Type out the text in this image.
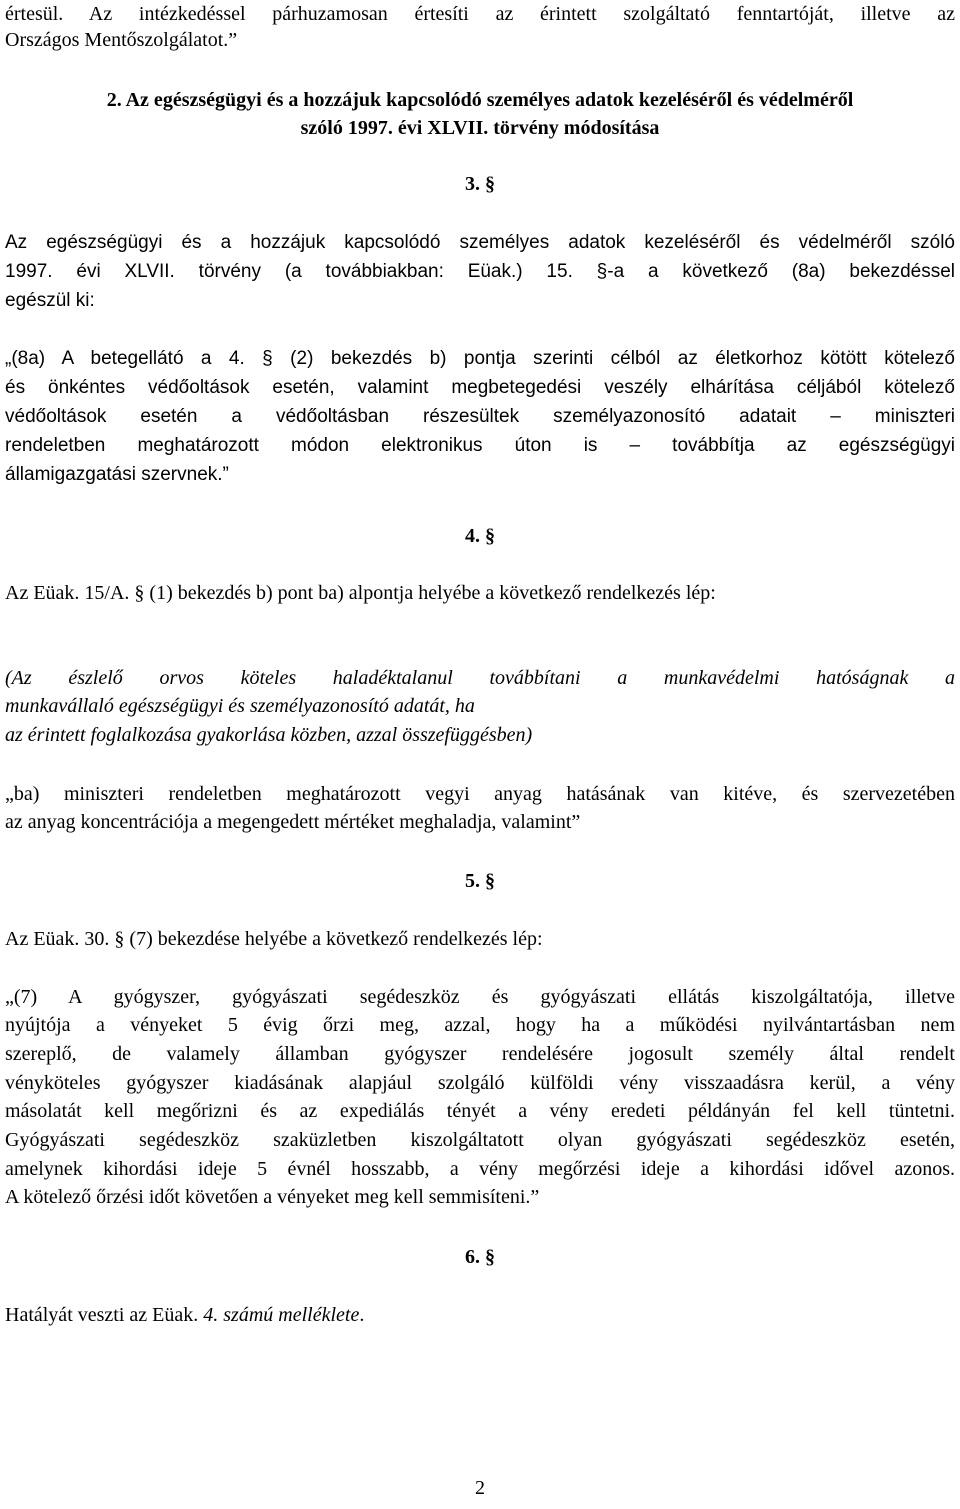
értesül. Az intézkedéssel párhuzamosan értesíti az érintett szolgáltató fenntartóját, illetve az
Országos Mentőszolgálatot.”
2. Az egészségügyi és a hozzájuk kapcsolódó személyes adatok kezeléséről és védelméről
szóló 1997. évi XLVII. törvény módosítása
3. §
Az egészségügyi és a hozzájuk kapcsolódó személyes adatok kezeléséről és védelméről szóló
1997. évi XLVII. törvény (a továbbiakban: Eüak.) 15. §-a a következő (8a) bekezdéssel
egészül ki:
„(8a) A betegellátó a 4. § (2) bekezdés b) pontja szerinti célból az életkorhoz kötött kötelező
és önkéntes védőoltások esetén, valamint megbetegedési veszély elhárítása céljából kötelező
védőoltások esetén a védőoltásban részesültek személyazonosító adatait – miniszteri
rendeletben meghatározott módon elektronikus úton is – továbbítja az egészségügyi
államigazgatási szervnek.”
4. §
Az Eüak. 15/A. § (1) bekezdés b) pont ba) alpontja helyébe a következő rendelkezés lép:
(Az észlelő orvos köteles haladéktalanul továbbítani a munkavédelmi hatóságnak a
munkavállaló egészségügyi és személyazonosító adatát, ha
az érintett foglalkozása gyakorlása közben, azzal összefüggésben)
„ba) miniszteri rendeletben meghatározott vegyi anyag hatásának van kitéve, és szervezetében
az anyag koncentrációja a megengedett mértéket meghaladja, valamint”
5. §
Az Eüak. 30. § (7) bekezdése helyébe a következő rendelkezés lép:
„(7) A gyógyszer, gyógyászati segédeszköz és gyógyászati ellátás kiszolgáltatója, illetve
nyújtója a vényeket 5 évig őrzi meg, azzal, hogy ha a működési nyilvántartásban nem
szereplő, de valamely államban gyógyszer rendelésére jogosult személy által rendelt
vényköteles gyógyszer kiadásának alapjául szolgáló külföldi vény visszaadásra kerül, a vény
másolatát kell megőrizni és az expediálás tényét a vény eredeti példányán fel kell tüntetni.
Gyógyászati segédeszköz szaküzletben kiszolgáltatott olyan gyógyászati segédeszköz esetén,
amelynek kihordási ideje 5 évnél hosszabb, a vény megőrzési ideje a kihordási idővel azonos.
A kötelező őrzési időt követően a vényeket meg kell semmisíteni.”
6. §
Hatályát veszti az Eüak. 4. számú melléklete.
2
